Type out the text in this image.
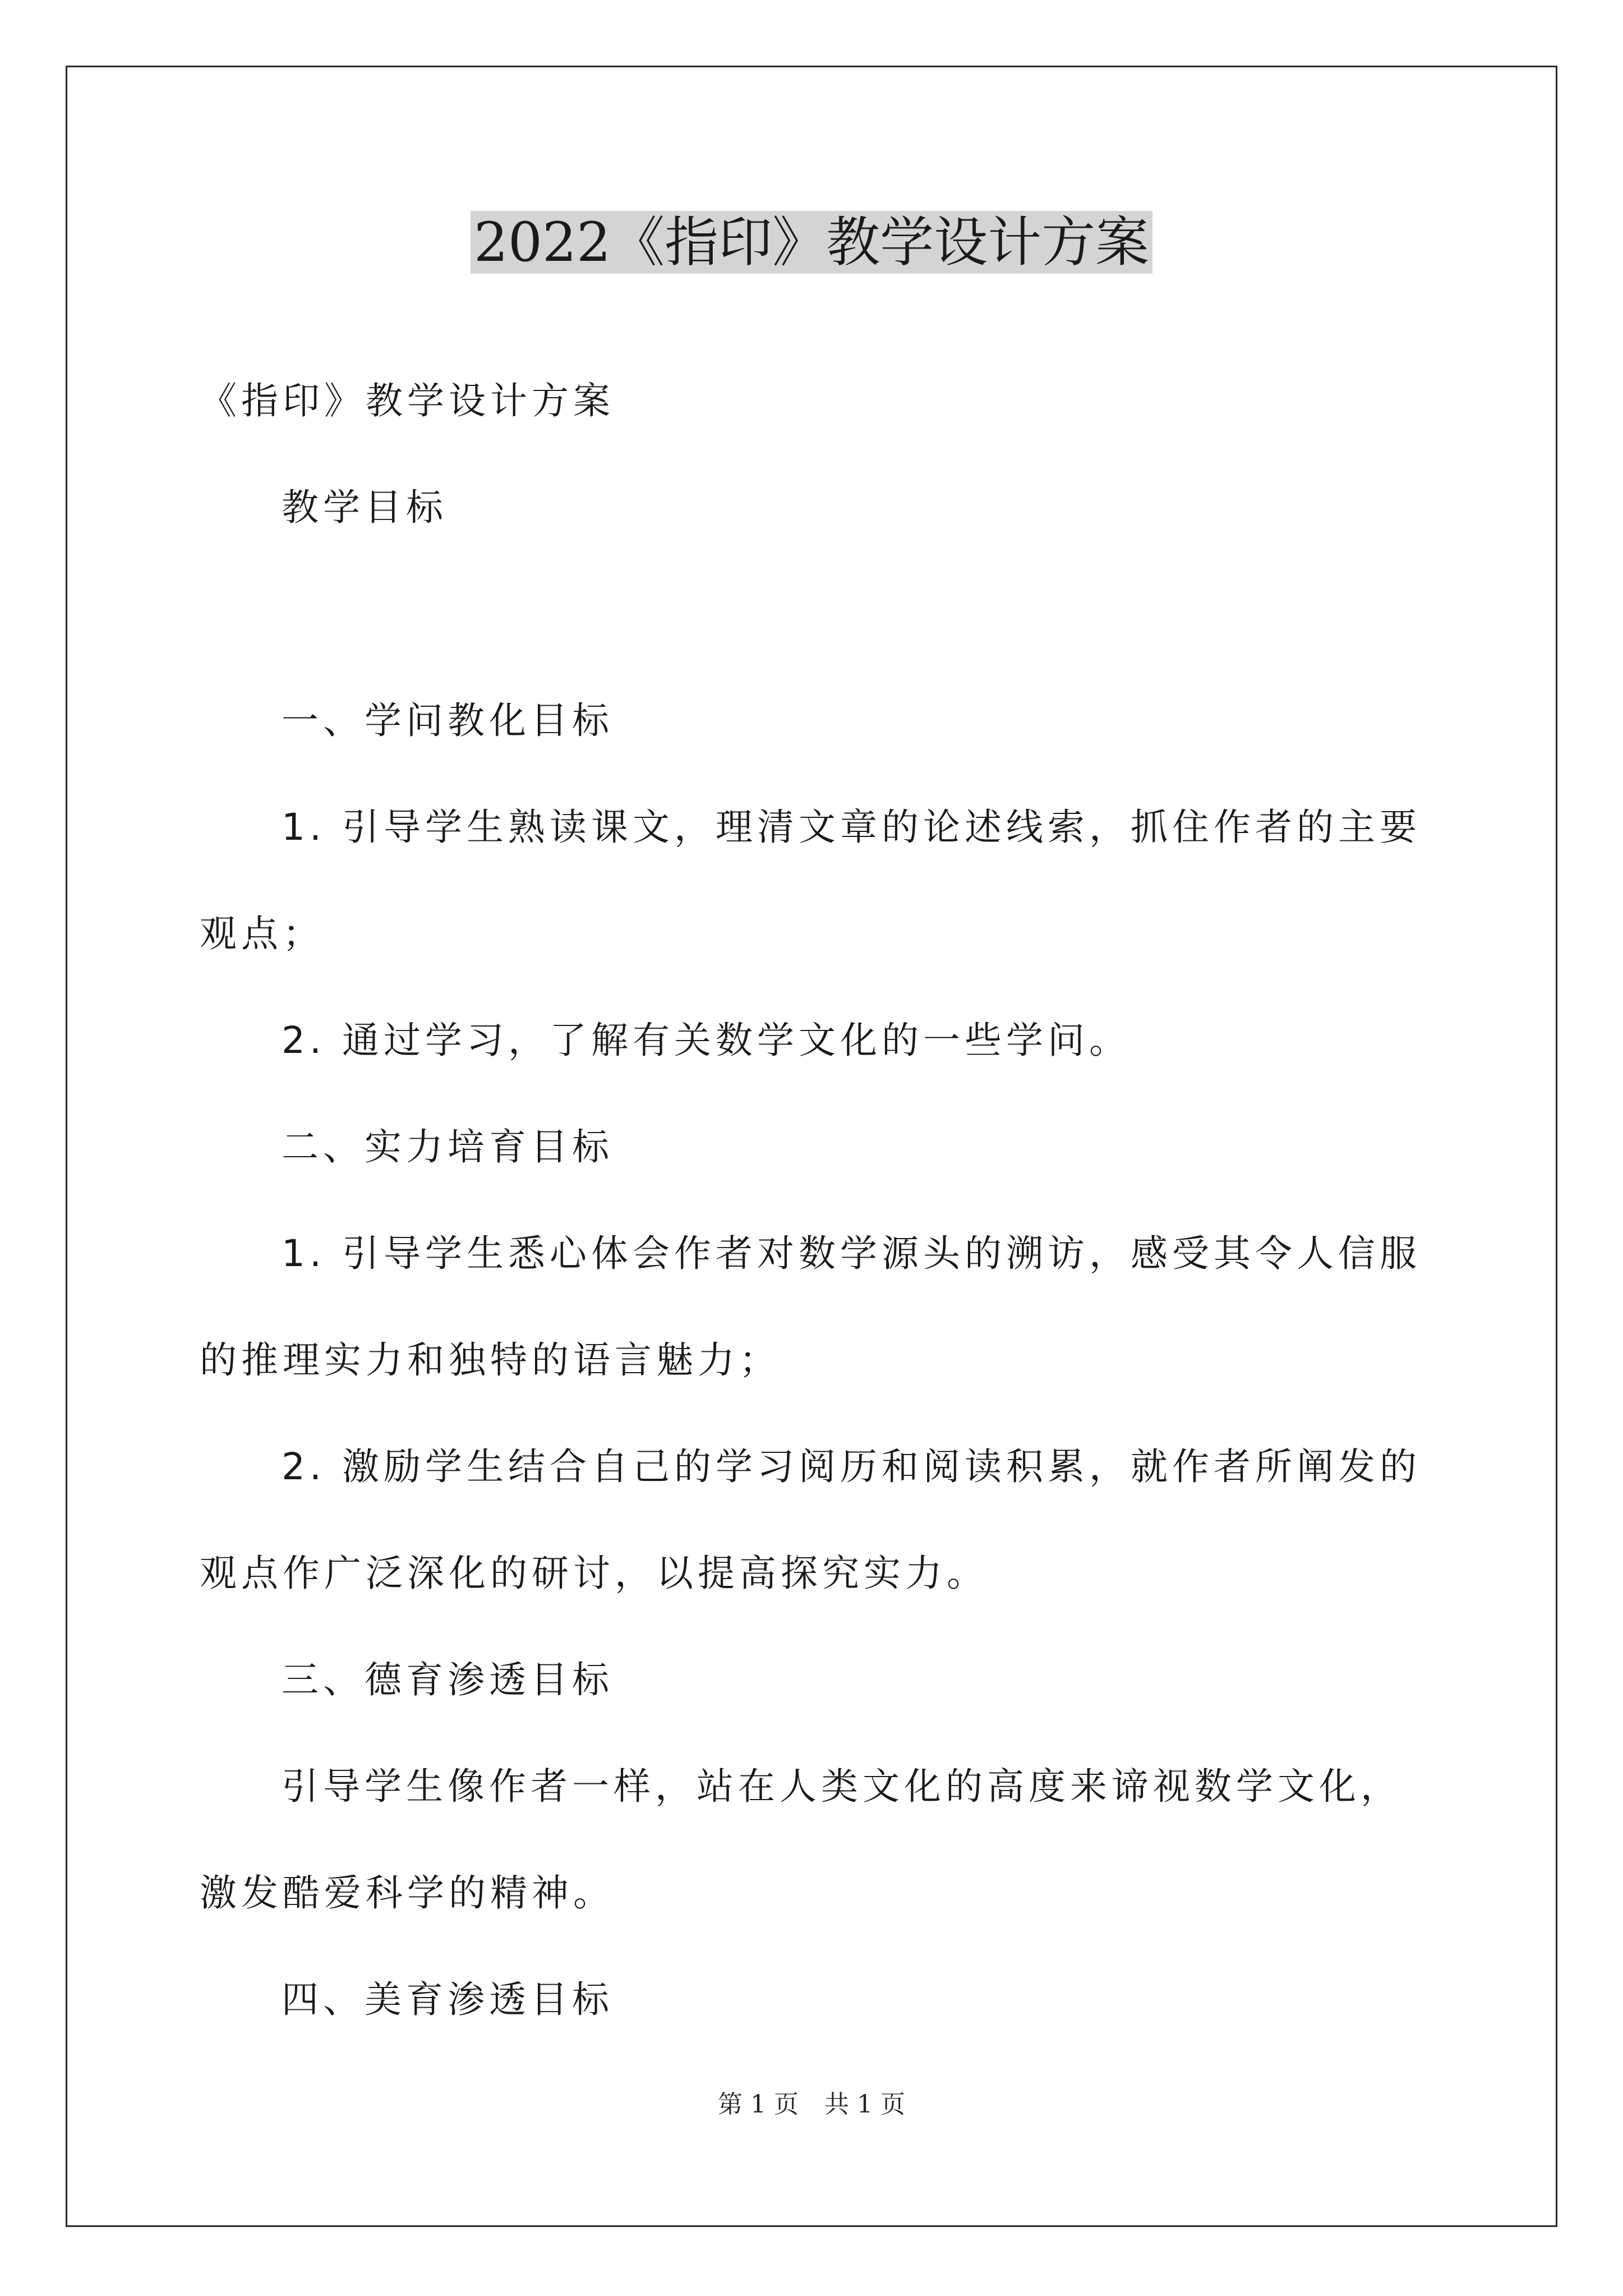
2022《指印》教学设计方案

《指印》教学设计方案

教学目标

一、学问教化目标

1. 引导学生熟读课文，理清文章的论述线索，抓住作者的主要观点；

2. 通过学习，了解有关数学文化的一些学问。

二、实力培育目标

1. 引导学生悉心体会作者对数学源头的溯访，感受其令人信服的推理实力和独特的语言魅力；

2. 激励学生结合自己的学习阅历和阅读积累，就作者所阐发的观点作广泛深化的研讨，以提高探究实力。

三、德育渗透目标

引导学生像作者一样，站在人类文化的高度来谛视数学文化，激发酷爱科学的精神。

四、美育渗透目标

第 1 页 共 1 页
